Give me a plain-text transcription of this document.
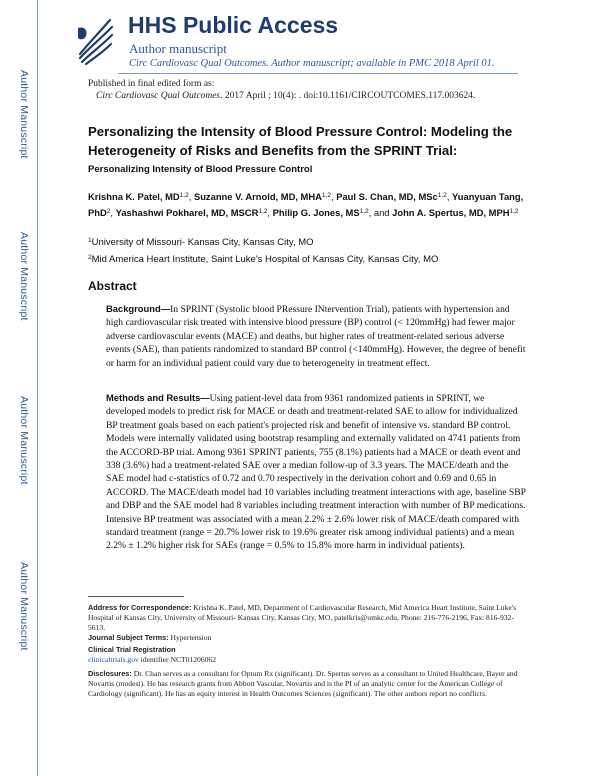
Author Manuscript
Author Manuscript
Author Manuscript
Author Manuscript
HHS Public Access
Author manuscript
Circ Cardiovasc Qual Outcomes. Author manuscript; available in PMC 2018 April 01.
Published in final edited form as:
Circ Cardiovasc Qual Outcomes. 2017 April ; 10(4): . doi:10.1161/CIRCOUTCOMES.117.003624.
Personalizing the Intensity of Blood Pressure Control: Modeling the Heterogeneity of Risks and Benefits from the SPRINT Trial:
Personalizing Intensity of Blood Pressure Control
Krishna K. Patel, MD$^{1,2}$, Suzanne V. Arnold, MD, MHA$^{1,2}$, Paul S. Chan, MD, MSc$^{1,2}$, Yuanyuan Tang, PhD$^2$, Yashashwi Pokharel, MD, MSCR$^{1,2}$, Philip G. Jones, MS$^{1,2}$, and John A. Spertus, MD, MPH$^{1,2}$
$^1$University of Missouri- Kansas City, Kansas City, MO
$^2$Mid America Heart Institute, Saint Luke's Hospital of Kansas City, Kansas City, MO
Abstract
Background—In SPRINT (Systolic blood PRessure INtervention Trial), patients with hypertension and high cardiovascular risk treated with intensive blood pressure (BP) control (< 120mmHg) had fewer major adverse cardiovascular events (MACE) and deaths, but higher rates of treatment-related serious adverse events (SAE), than patients randomized to standard BP control (<140mmHg). However, the degree of benefit or harm for an individual patient could vary due to heterogeneity in treatment effect.
Methods and Results—Using patient-level data from 9361 randomized patients in SPRINT, we developed models to predict risk for MACE or death and treatment-related SAE to allow for individualized BP treatment goals based on each patient's projected risk and benefit of intensive vs. standard BP control. Models were internally validated using bootstrap resampling and externally validated on 4741 patients from the ACCORD-BP trial. Among 9361 SPRINT patients, 755 (8.1%) patients had a MACE or death event and 338 (3.6%) had a treatment-related SAE over a median follow-up of 3.3 years. The MACE/death and the SAE model had c-statistics of 0.72 and 0.70 respectively in the derivation cohort and 0.69 and 0.65 in ACCORD. The MACE/death model had 10 variables including treatment interactions with age, baseline SBP and DBP and the SAE model had 8 variables including treatment interaction with number of BP medications. Intensive BP treatment was associated with a mean 2.2% ± 2.6% lower risk of MACE/death compared with standard treatment (range = 20.7% lower risk to 19.6% greater risk among individual patients) and a mean 2.2% ± 1.2% higher risk for SAEs (range = 0.5% to 15.8% more harm in individual patients).
Address for Correspondence: Krishna K. Patel, MD, Department of Cardiovascular Research, Mid America Heart Institute, Saint Luke's Hospital of Kansas City, University of Missouri- Kansas City, Kansas City, MO, patelkris@umkc.edu, Phone: 216-776-2196, Fax: 816-932-5613.
Journal Subject Terms: Hypertension
Clinical Trial Registration
clinicaltrials.gov identifier NCT01206062
Disclosures: Dr. Chan serves as a consultant for Optum Rx (significant). Dr. Spertus serves as a consultant to United Healthcare, Bayer and Novartis (modest). He has research grants from Abbott Vascular, Novartis and is the PI of an analytic center for the American College of Cardiology (significant). He has an equity interest in Health Outcomes Sciences (significant). The other authors report no conflicts.
